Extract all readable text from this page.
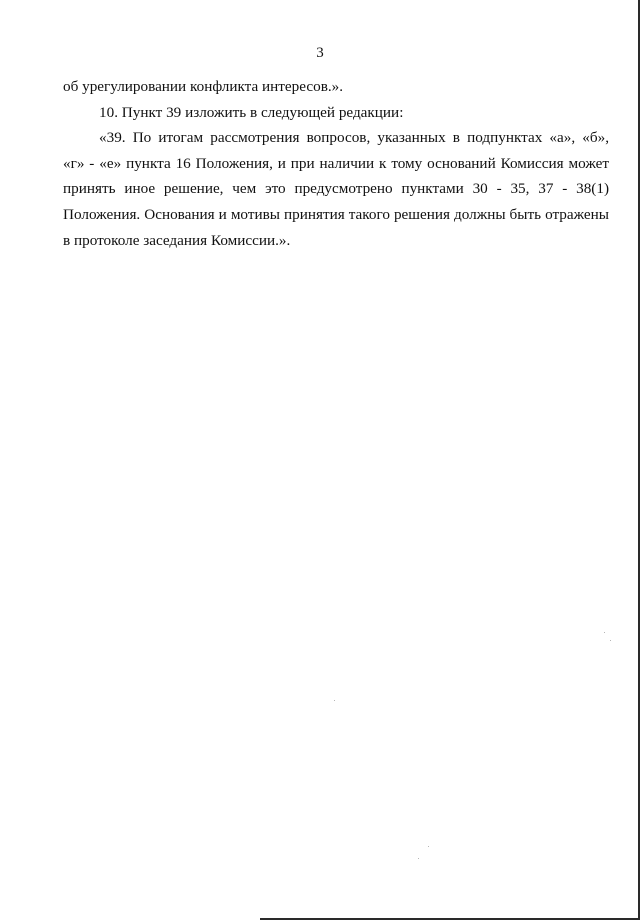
3
об урегулировании конфликта интересов.».
10. Пункт 39 изложить в следующей редакции:
«39. По итогам рассмотрения вопросов, указанных в подпунктах «а», «б»,
«г» - «е» пункта 16 Положения, и при наличии к тому оснований Комиссия может
принять иное решение, чем это предусмотрено пунктами 30 - 35, 37 - 38(1)
Положения. Основания и мотивы принятия такого решения должны быть отражены
в протоколе заседания Комиссии.».
